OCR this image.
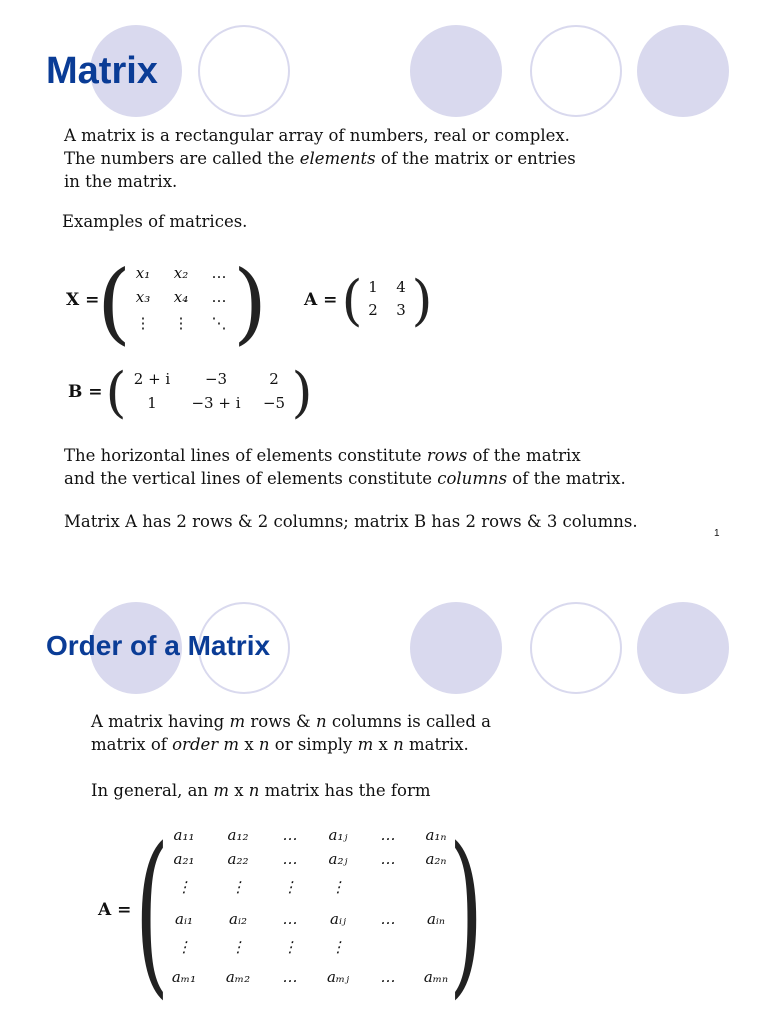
Matrix

A matrix is a rectangular array of numbers, real or complex.

The numbers are called the elements of the matrix or entries

in the matrix.

Examples of matrices.
X =
( )
x₁	x₂	…
x₃	x₄	…
⋮	⋮	⋱
A = ( )
1	4
2	3
B = (	)
2 + i	−3	2
1	−3 + i	−5

The horizontal lines of elements constitute rows of the matrix

and the vertical lines of elements constitute columns of the matrix.

Matrix A has 2 rows & 2 columns; matrix B has 2 rows & 3 columns.
1
Order of a Matrix

A matrix having m rows & n columns is called a

matrix of order m x n or simply m x n matrix.

In general, an m x n matrix has the form

A = ( )
a₁₁	a₁₂	…	a₁ⱼ	…	a₁ₙ
a₂₁	a₂₂	…	a₂ⱼ	…	a₂ₙ
⋮	⋮	⋮	⋮
aᵢ₁	aᵢ₂	…	aᵢⱼ	…	aᵢₙ
⋮	⋮	⋮	⋮
aₘ₁	aₘ₂	…	aₘⱼ	…	aₘₙ
